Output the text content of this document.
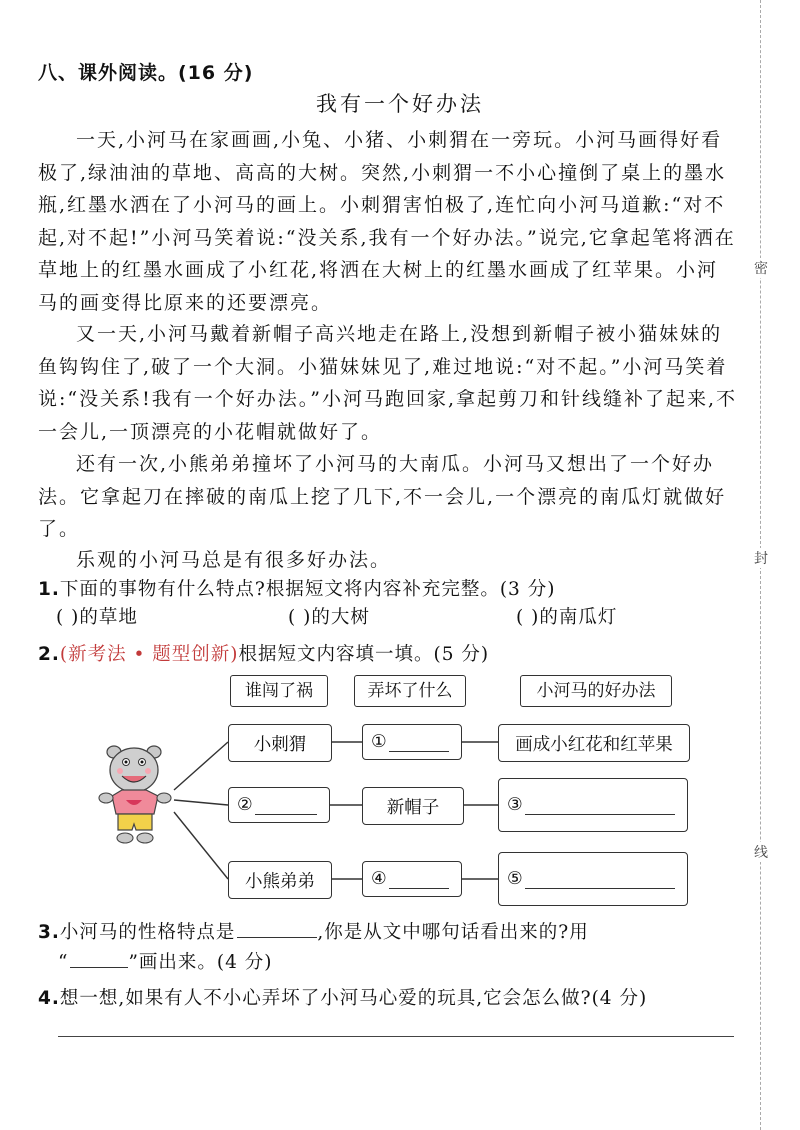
八、课外阅读。(16 分)
我有一个好办法
一天,小河马在家画画,小兔、小猪、小刺猬在一旁玩。小河马画得好看极了,绿油油的草地、高高的大树。突然,小刺猬一不小心撞倒了桌上的墨水瓶,红墨水洒在了小河马的画上。小刺猬害怕极了,连忙向小河马道歉:“对不起,对不起!”小河马笑着说:“没关系,我有一个好办法。”说完,它拿起笔将洒在草地上的红墨水画成了小红花,将洒在大树上的红墨水画成了红苹果。小河马的画变得比原来的还要漂亮。
又一天,小河马戴着新帽子高兴地走在路上,没想到新帽子被小猫妹妹的鱼钩钩住了,破了一个大洞。小猫妹妹见了,难过地说:“对不起。”小河马笑着说:“没关系!我有一个好办法。”小河马跑回家,拿起剪刀和针线缝补了起来,不一会儿,一顶漂亮的小花帽就做好了。
还有一次,小熊弟弟撞坏了小河马的大南瓜。小河马又想出了一个好办法。它拿起刀在摔破的南瓜上挖了几下,不一会儿,一个漂亮的南瓜灯就做好了。
乐观的小河马总是有很多好办法。
1.下面的事物有什么特点?根据短文将内容补充完整。(3 分)
( )的草地	( )的大树	( )的南瓜灯
2.(新考法 • 题型创新)根据短文内容填一填。(5 分)
谁闯了祸	弄坏了什么	小河马的好办法
小刺猬	①	画成小红花和红苹果
②	新帽子	③
小熊弟弟	④	⑤
3.小河马的性格特点是	,你是从文中哪句话看出来的?用
“	”画出来。(4 分)
4.想一想,如果有人不小心弄坏了小河马心爱的玩具,它会怎么做?(4 分)
密
封
线
